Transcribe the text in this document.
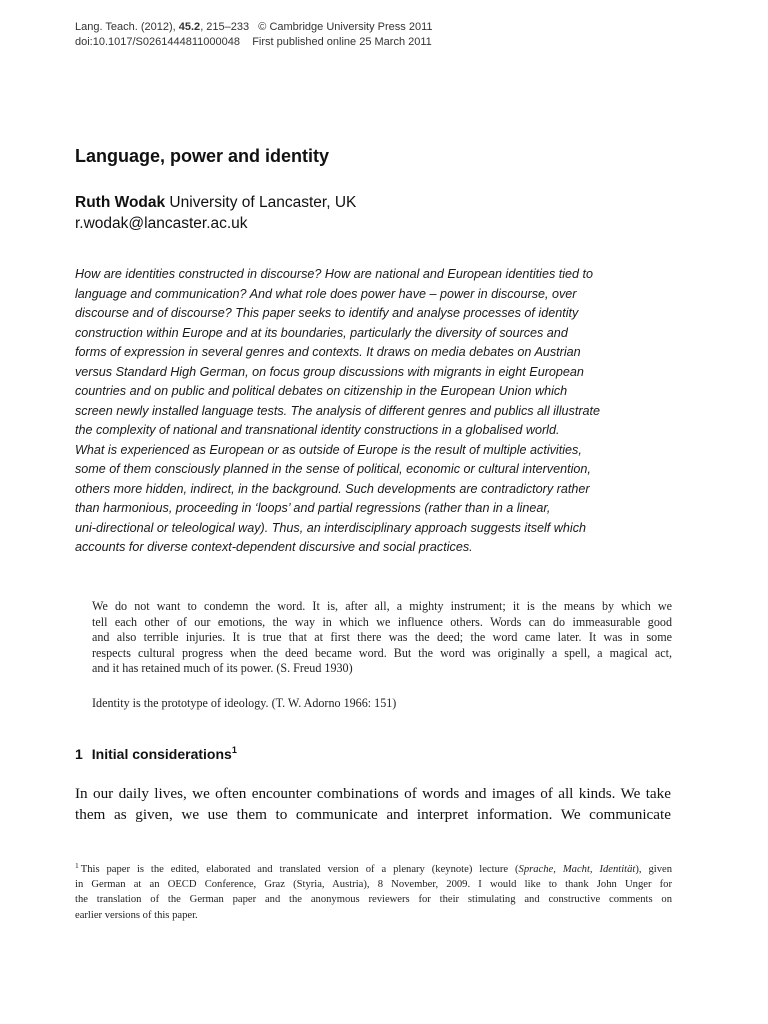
Lang. Teach. (2012), 45.2, 215–233 © Cambridge University Press 2011
doi:10.1017/S0261444811000048 First published online 25 March 2011
Language, power and identity
Ruth Wodak University of Lancaster, UK
r.wodak@lancaster.ac.uk
How are identities constructed in discourse? How are national and European identities tied to
language and communication? And what role does power have – power in discourse, over
discourse and of discourse? This paper seeks to identify and analyse processes of identity
construction within Europe and at its boundaries, particularly the diversity of sources and
forms of expression in several genres and contexts. It draws on media debates on Austrian
versus Standard High German, on focus group discussions with migrants in eight European
countries and on public and political debates on citizenship in the European Union which
screen newly installed language tests. The analysis of different genres and publics all illustrate
the complexity of national and transnational identity constructions in a globalised world.
What is experienced as European or as outside of Europe is the result of multiple activities,
some of them consciously planned in the sense of political, economic or cultural intervention,
others more hidden, indirect, in the background. Such developments are contradictory rather
than harmonious, proceeding in ‘loops’ and partial regressions (rather than in a linear,
uni-directional or teleological way). Thus, an interdisciplinary approach suggests itself which
accounts for diverse context-dependent discursive and social practices.
We do not want to condemn the word. It is, after all, a mighty instrument; it is the means by which we
tell each other of our emotions, the way in which we influence others. Words can do immeasurable good
and also terrible injuries. It is true that at first there was the deed; the word came later. It was in some
respects cultural progress when the deed became word. But the word was originally a spell, a magical act,
and it has retained much of its power. (S. Freud 1930)
Identity is the prototype of ideology. (T. W. Adorno 1966: 151)
1 Initial considerations$^1$
In our daily lives, we often encounter combinations of words and images of all kinds. We take
them as given, we use them to communicate and interpret information. We communicate
$^1$ This paper is the edited, elaborated and translated version of a plenary (keynote) lecture (Sprache, Macht, Identität), given
in German at an OECD Conference, Graz (Styria, Austria), 8 November, 2009. I would like to thank John Unger for
the translation of the German paper and the anonymous reviewers for their stimulating and constructive comments on
earlier versions of this paper.
